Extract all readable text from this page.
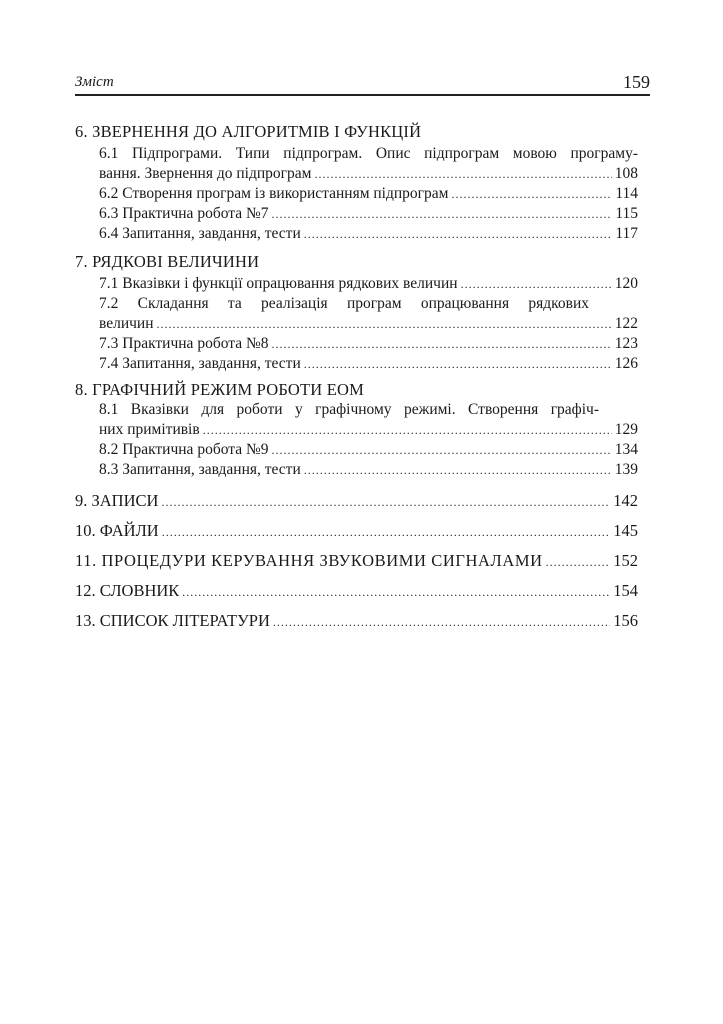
Зміст	159
6. ЗВЕРНЕННЯ ДО АЛГОРИТМІВ І ФУНКЦІЙ
6.1 Підпрограми. Типи підпрограм. Опис підпрограм мовою програму-
вання. Звернення до підпрограм .....	108
6.2 Створення програм із використанням підпрограм .....	114
6.3 Практична робота №7 .....	115
6.4 Запитання, завдання, тести .....	117
7. РЯДКОВІ ВЕЛИЧИНИ
7.1 Вказівки і функції опрацювання рядкових величин .....	120
7.2 Складання та реалізація програм опрацювання рядкових
величин .....	122
7.3 Практична робота №8 .....	123
7.4 Запитання, завдання, тести .....	126
8. ГРАФІЧНИЙ РЕЖИМ РОБОТИ ЕОМ
8.1 Вказівки для роботи у графічному режимі. Створення графіч-
них примітивів .....	129
8.2 Практична робота №9 .....	134
8.3 Запитання, завдання, тести .....	139
9. ЗАПИСИ .....	142
10. ФАЙЛИ .....	145
11. ПРОЦЕДУРИ КЕРУВАННЯ ЗВУКОВИМИ СИГНАЛАМИ .....	152
12. СЛОВНИК .....	154
13. СПИСОК ЛІТЕРАТУРИ .....	156
